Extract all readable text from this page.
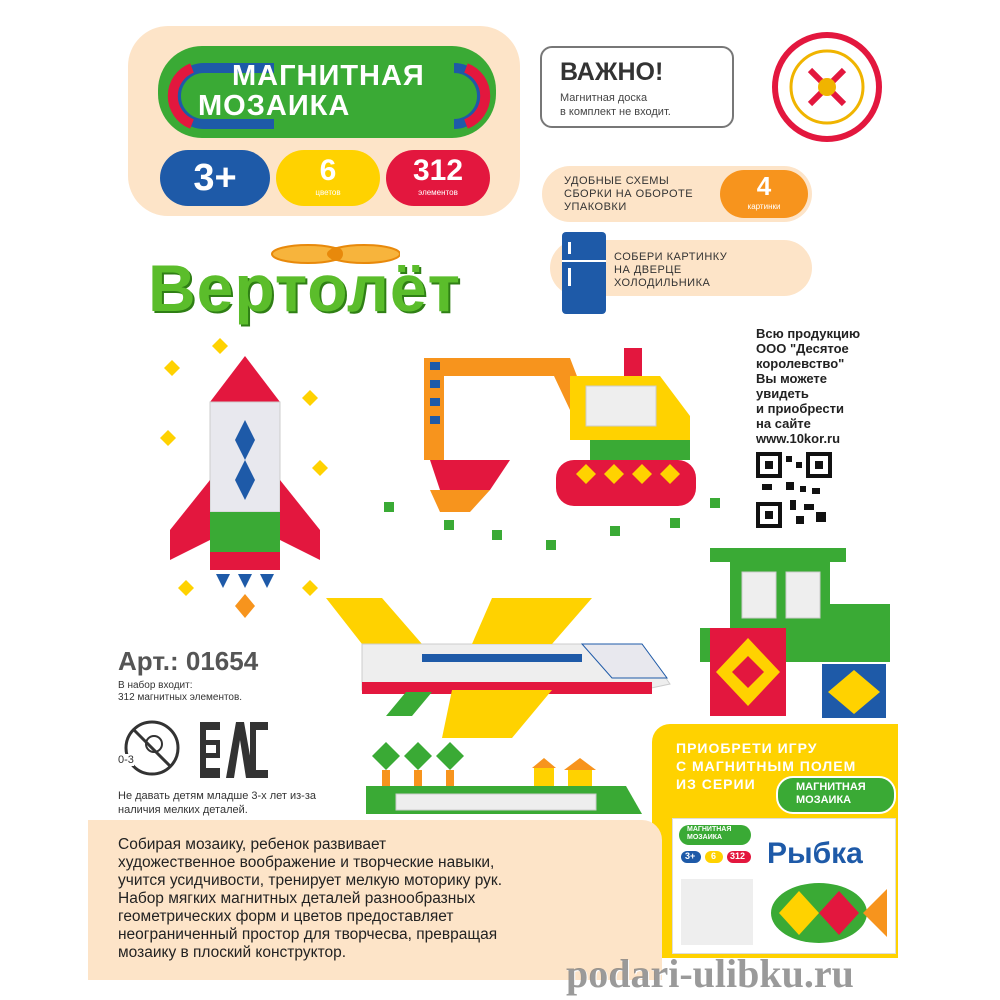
МАГНИТНАЯ
МОЗАИКА
3+	6
цветов
312
элементов
ВАЖНО!
Магнитная доска
в комплект не входит.
УДОБНЫЕ СХЕМЫ
СБОРКИ НА ОБОРОТЕ
УПАКОВКИ
4
картинки
СОБЕРИ КАРТИНКУ
НА ДВЕРЦЕ
ХОЛОДИЛЬНИКА
Вертолёт
Всю продукцию
ООО "Десятое
королевство"
Вы можете
увидеть
и приобрести
на сайте
www.10kor.ru
Арт.: 01654
В набор входит:
312 магнитных элементов.
0-3
Не давать детям младше 3-х лет из-за
наличия мелких деталей.
ПРИОБРЕТИ ИГРУ
С МАГНИТНЫМ ПОЛЕМ
ИЗ СЕРИИ	МАГНИТНАЯ
МОЗАИКА
МАГНИТНАЯ
МОЗАИКА
3+ 6 312 Рыбка
Собирая мозаику, ребенок развивает
художественное воображение и творческие навыки,
учится усидчивости, тренирует мелкую моторику рук.
Набор мягких магнитных деталей разнообразных
геометрических форм и цветов предоставляет
неограниченный простор для творчесва, превращая
мозаику в плоский конструктор.	podari-ulibku.ru
